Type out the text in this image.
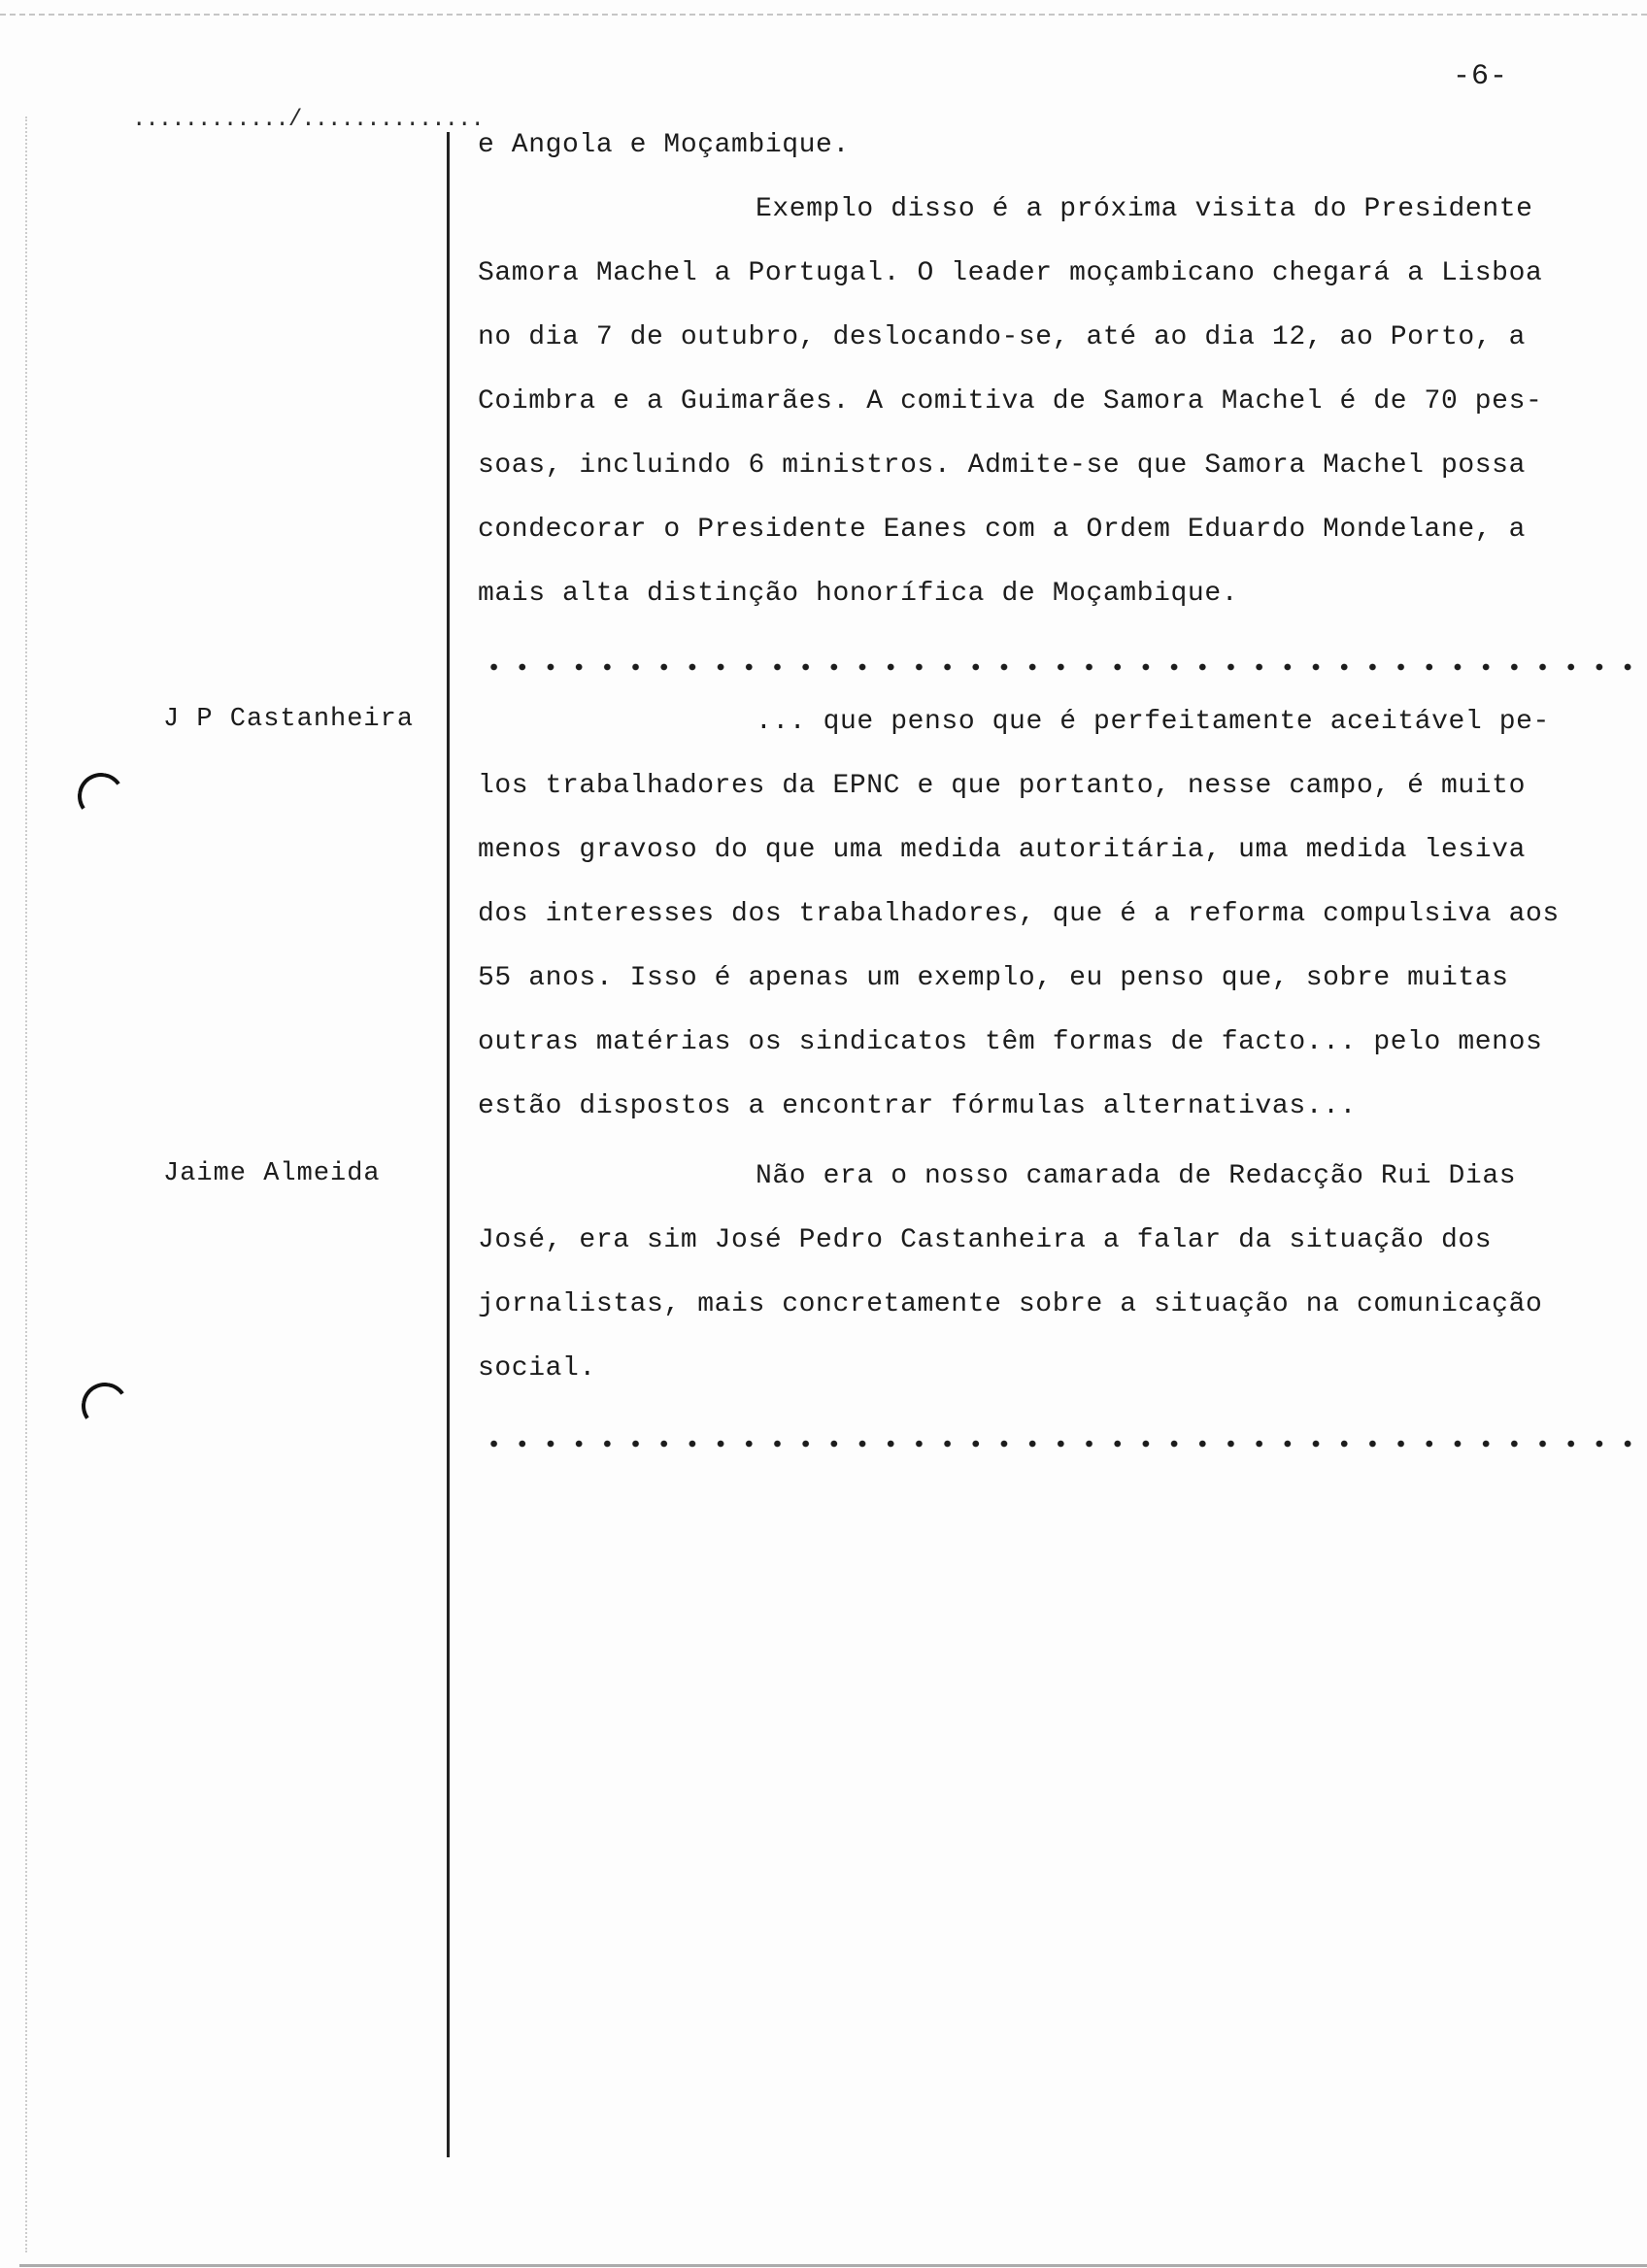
-6-
............/..............
J P Castanheira
Jaime Almeida
e Angola e Moçambique.
Exemplo disso é a próxima visita do Presidente
Samora Machel a Portugal. O leader moçambicano chegará a Lisboa
no dia 7 de outubro, deslocando-se, até ao dia 12, ao Porto, a
Coimbra e a Guimarães. A comitiva de Samora Machel é de 70 pes-
soas, incluindo 6 ministros. Admite-se que Samora Machel possa
condecorar o Presidente Eanes com a Ordem Eduardo Mondelane, a
mais alta distinção honorífica de Moçambique.
... que penso que é perfeitamente aceitável pe-
los trabalhadores da EPNC e que portanto, nesse campo, é muito
menos gravoso do que uma medida autoritária, uma medida lesiva
dos interesses dos trabalhadores, que é a reforma compulsiva aos
55 anos. Isso é apenas um exemplo, eu penso que, sobre muitas
outras matérias os sindicatos têm formas de facto... pelo menos
estão dispostos a encontrar fórmulas alternativas...
Não era o nosso camarada de Redacção Rui Dias
José, era sim José Pedro Castanheira a falar da situação dos
jornalistas, mais concretamente sobre a situação na comunicação
social.
